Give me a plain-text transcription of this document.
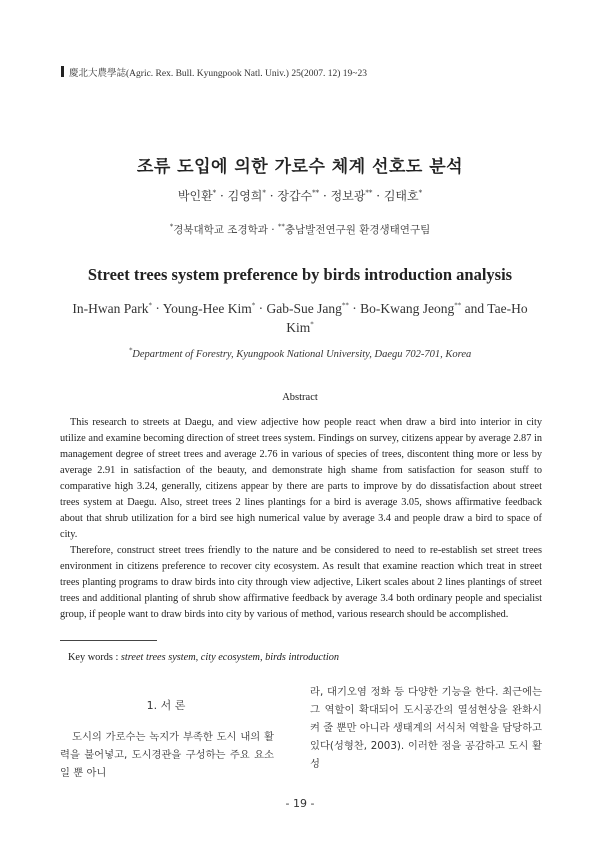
慶北大農學誌(Agric. Rex. Bull. Kyungpook Natl. Univ.) 25(2007. 12) 19~23
조류 도입에 의한 가로수 체계 선호도 분석
박인환* · 김영희* · 장갑수** · 정보광** · 김태호*
*경북대학교 조경학과 · **충남발전연구원 환경생태연구팀
Street trees system preference by birds introduction analysis
In-Hwan Park* · Young-Hee Kim* · Gab-Sue Jang** · Bo-Kwang Jeong** and Tae-Ho Kim*
*Department of Forestry, Kyungpook National University, Daegu 702-701, Korea
Abstract

This research to streets at Daegu, and view adjective how people react when draw a bird into interior in city utilize and examine becoming direction of street trees system. Findings on survey, citizens appear by average 2.87 in management degree of street trees and average 2.76 in various of species of trees, discontent thing more or less by average 2.91 in satisfaction of the beauty, and demonstrate high shame from satisfaction for season stuff to comparative high 3.24, generally, citizens appear by there are parts to improve by do dissatisfaction about street trees system at Daegu. Also, street trees 2 lines plantings for a bird is average 3.05, shows affirmative feedback about that shrub utilization for a bird see high numerical value by average 3.4 and people draw a bird to space of city.

Therefore, construct street trees friendly to the nature and be considered to need to re-establish set street trees environment in citizens preference to recover city ecosystem. As result that examine reaction which treat in street trees planting programs to draw birds into city through view adjective, Likert scales about 2 lines plantings of street trees and additional planting of shrub show affirmative feedback by average 3.4 both ordinary people and specialist group, if people want to draw birds into city by various of method, various research should be accomplished.

Key words : street trees system, city ecosystem, birds introduction
1. 서 론

도시의 가로수는 녹지가 부족한 도시 내의 활력을 불어넣고, 도시경관을 구성하는 주요 요소일 뿐 아니

라, 대기오염 정화 등 다양한 기능을 한다. 최근에는 그 역할이 확대되어 도시공간의 열섬현상을 완화시켜 줄 뿐만 아니라 생태계의 서식처 역할을 담당하고 있다(성형찬, 2003). 이러한 점을 공감하고 도시 활성

- 19 -
